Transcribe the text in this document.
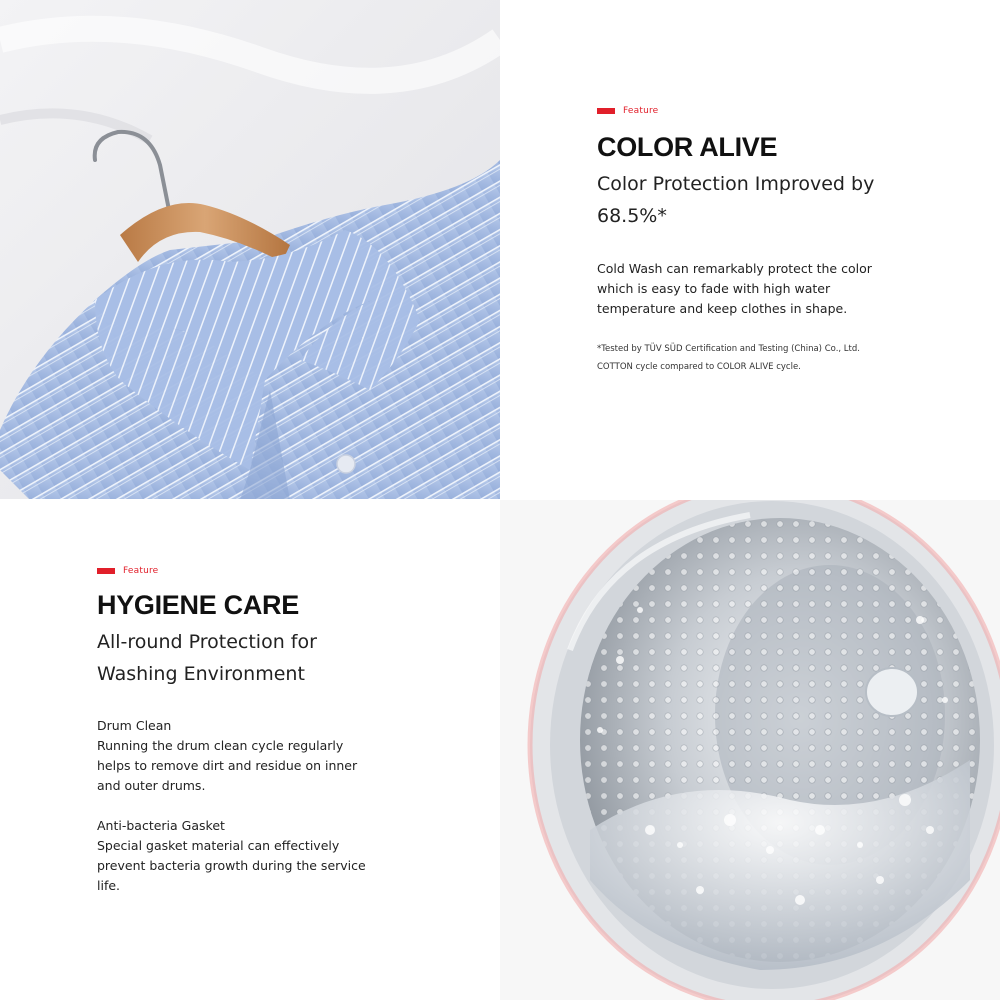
Feature
COLOR ALIVE

Color Protection Improved by
68.5%*

Cold Wash can remarkably protect the color
which is easy to fade with high water
temperature and keep clothes in shape.

*Tested by TÜV SÜD Certification and Testing (China) Co., Ltd.
COTTON cycle compared to COLOR ALIVE cycle.

Feature
HYGIENE CARE

All-round Protection for
Washing Environment

Drum Clean
Running the drum clean cycle regularly
helps to remove dirt and residue on inner
and outer drums.

Anti-bacteria Gasket
Special gasket material can effectively
prevent bacteria growth during the service
life.
